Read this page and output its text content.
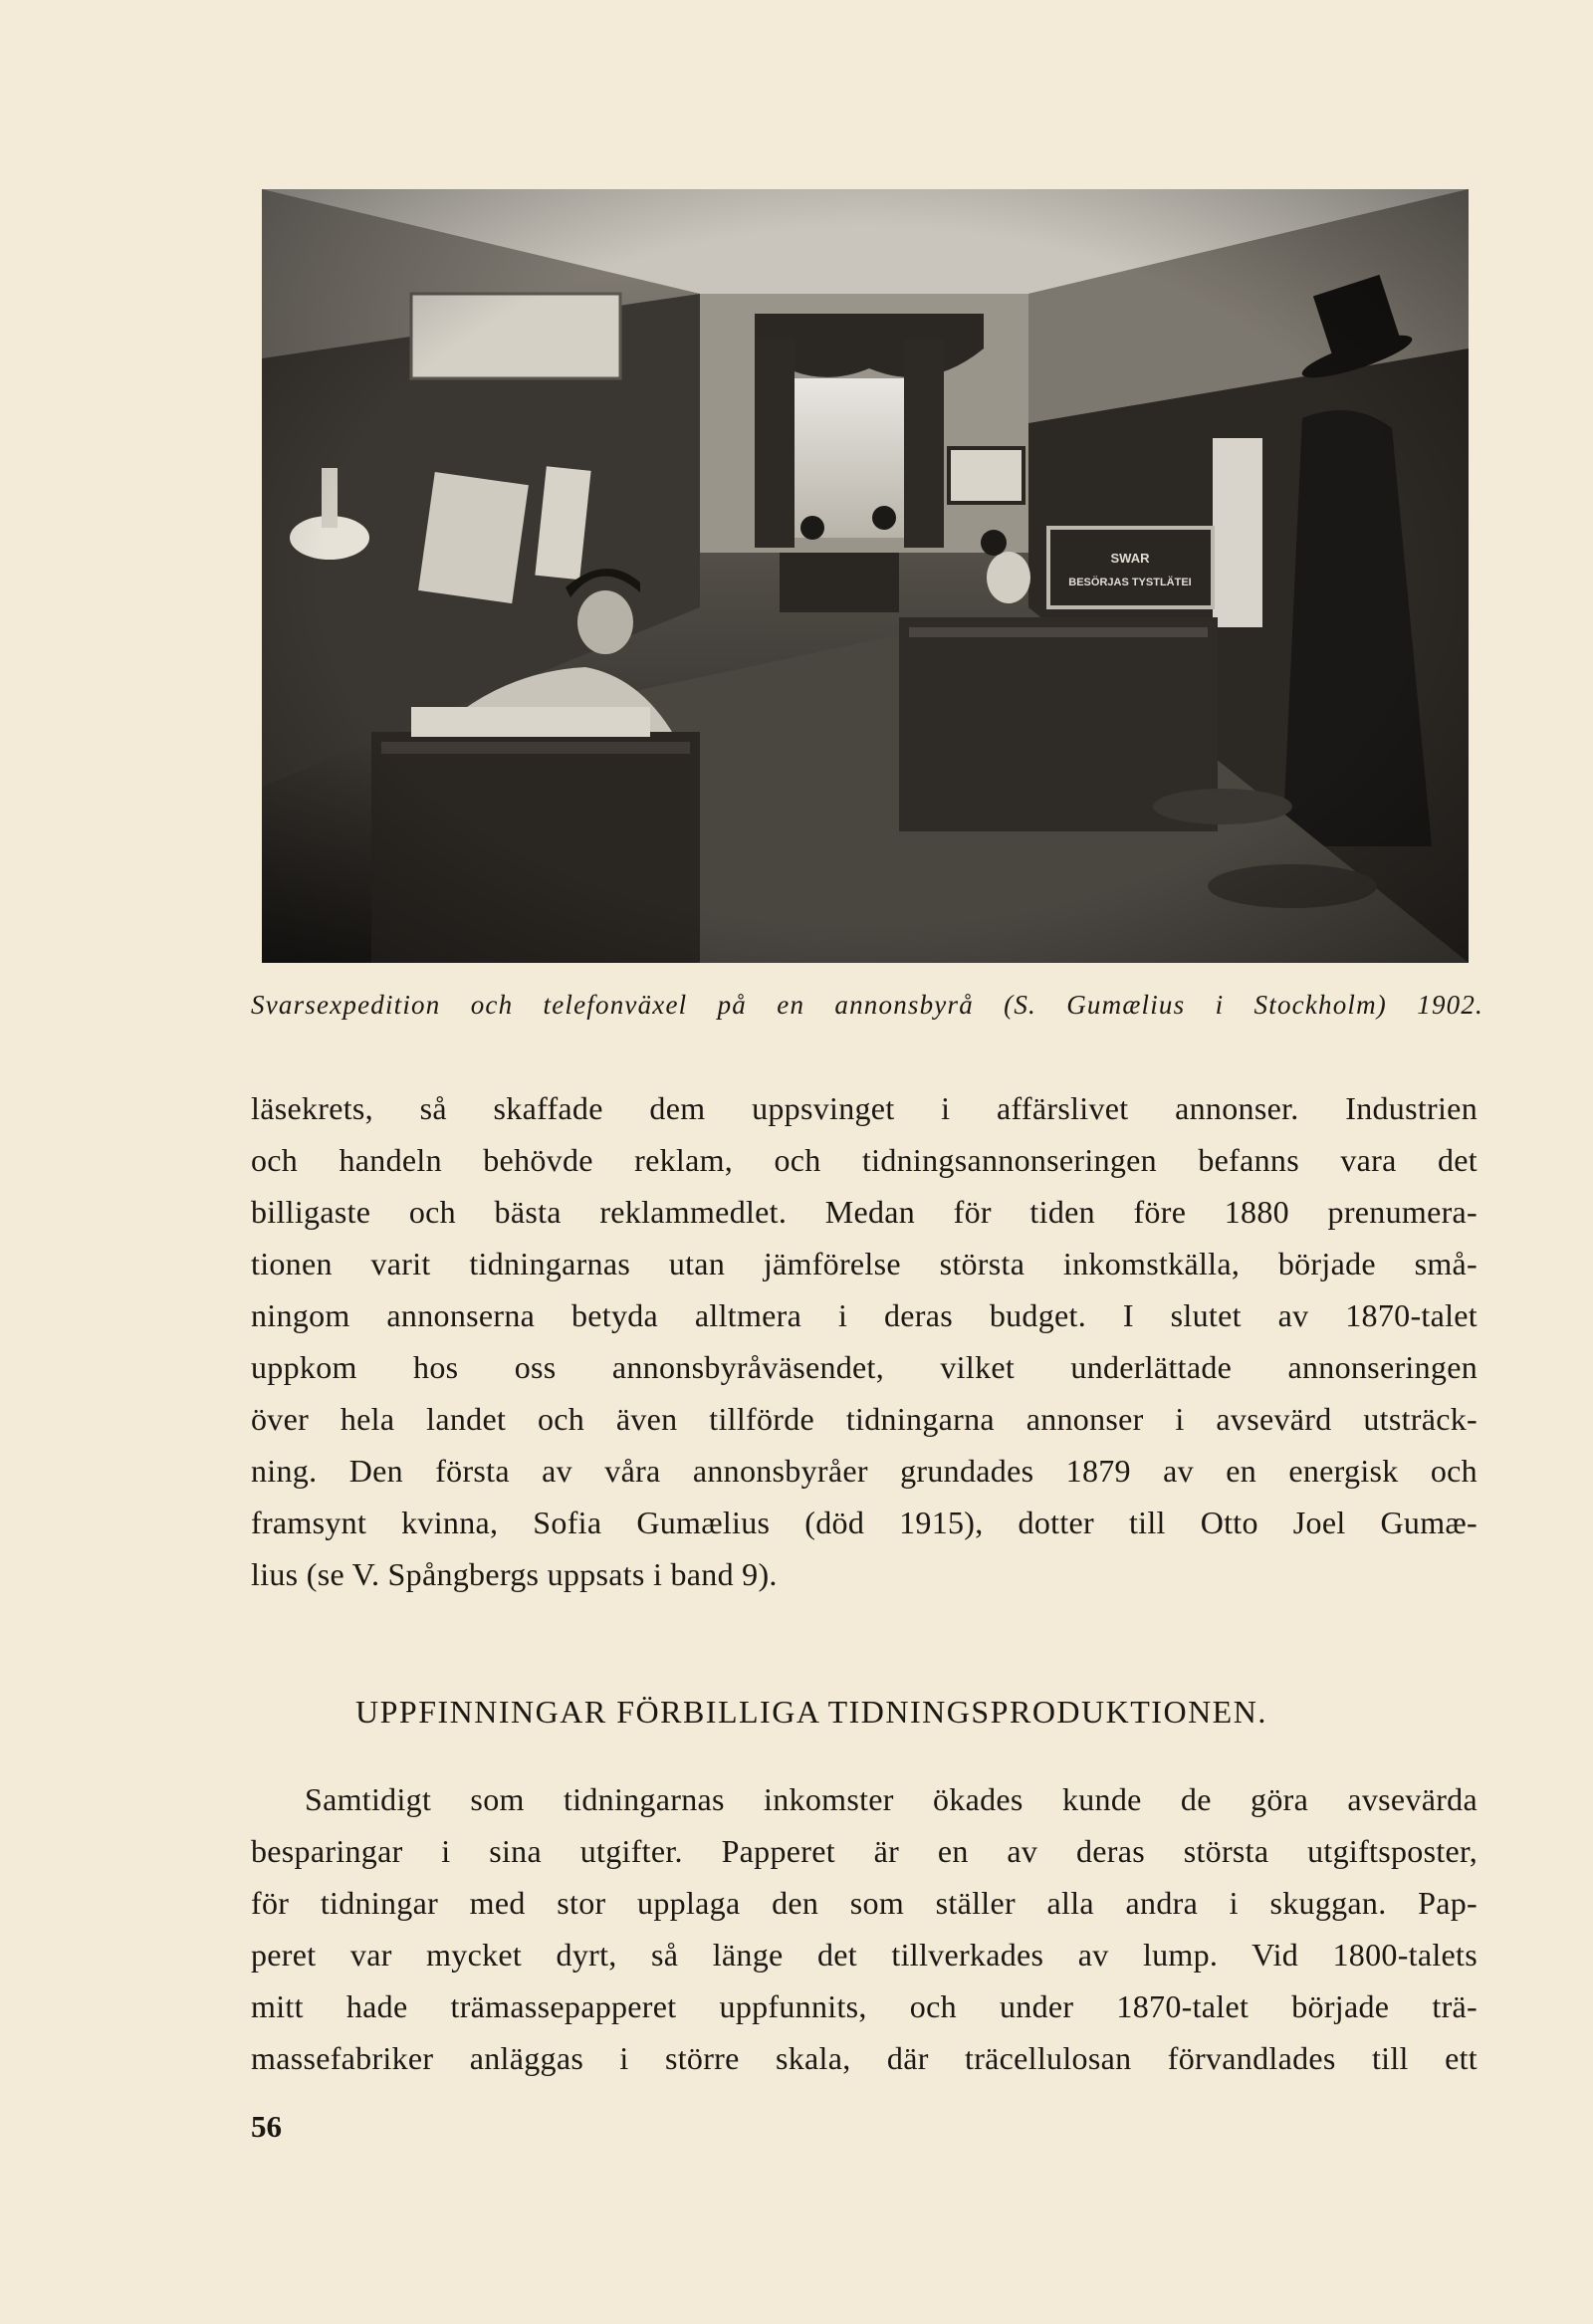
Svarsexpedition och telefonväxel på en annonsbyrå (S. Gumælius i Stockholm) 1902.
läsekrets, så skaffade dem uppsvinget i affärslivet annonser. Industrien
och handeln behövde reklam, och tidningsannonseringen befanns vara det
billigaste och bästa reklammedlet. Medan för tiden före 1880 prenumera-
tionen varit tidningarnas utan jämförelse största inkomstkälla, började små-
ningom annonserna betyda alltmera i deras budget. I slutet av 1870-talet
uppkom hos oss annonsbyråväsendet, vilket underlättade annonseringen
över hela landet och även tillförde tidningarna annonser i avsevärd utsträck-
ning. Den första av våra annonsbyråer grundades 1879 av en energisk och
framsynt kvinna, Sofia Gumælius (död 1915), dotter till Otto Joel Gumæ-
lius (se V. Spångbergs uppsats i band 9).
UPPFINNINGAR FÖRBILLIGA TIDNINGSPRODUKTIONEN.
Samtidigt som tidningarnas inkomster ökades kunde de göra avsevärda
besparingar i sina utgifter. Papperet är en av deras största utgiftsposter,
för tidningar med stor upplaga den som ställer alla andra i skuggan. Pap-
peret var mycket dyrt, så länge det tillverkades av lump. Vid 1800-talets
mitt hade trämassepapperet uppfunnits, och under 1870-talet började trä-
massefabriker anläggas i större skala, där träcellulosan förvandlades till ett
56
